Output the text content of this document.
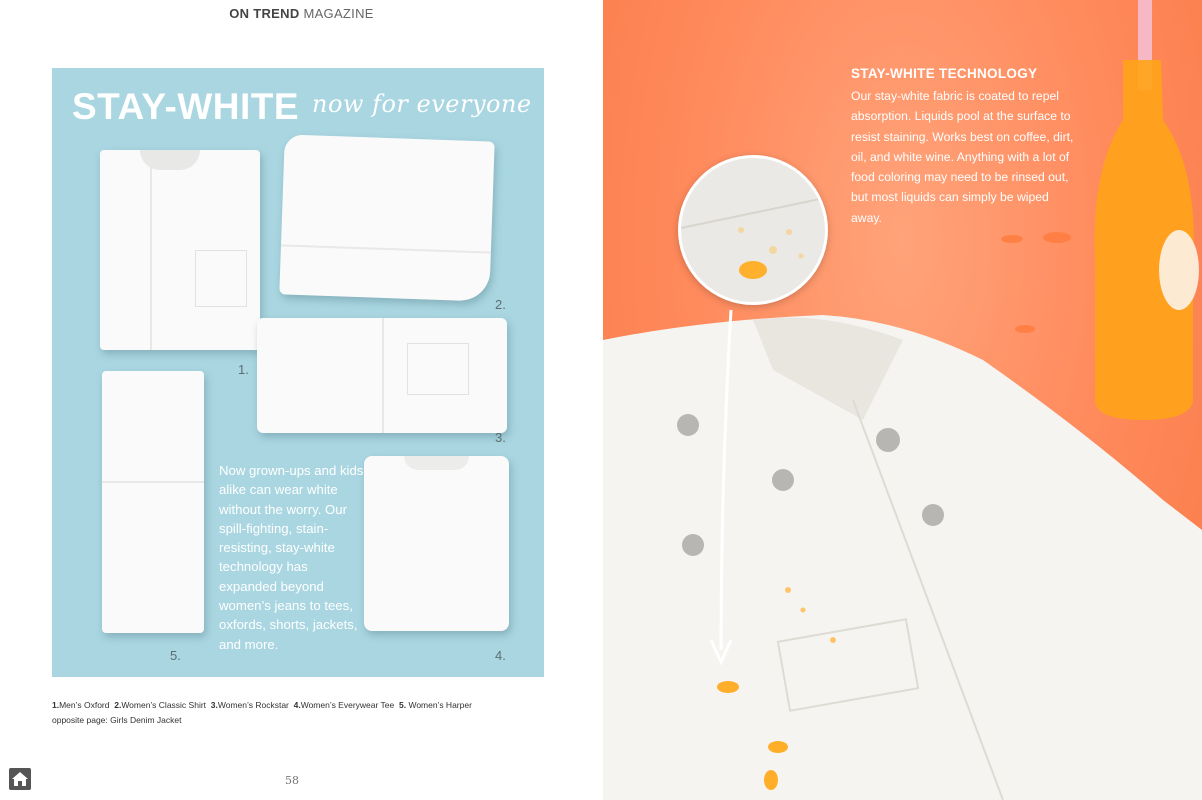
ON TREND MAGAZINE
STAY-WHITE now for everyone
1.
2.
3.
4.
5.
Now grown-ups and kids alike can wear white without the worry. Our spill-fighting, stain-resisting, stay-white technology has expanded beyond women’s jeans to tees, oxfords, shorts, jackets, and more.
1.Men’s Oxford 2.Women’s Classic Shirt 3.Women’s Rockstar 4.Women’s Everywear Tee 5. Women’s Harper
opposite page: Girls Denim Jacket
58
STAY-WHITE TECHNOLOGY
Our stay-white fabric is coated to repel absorption. Liquids pool at the surface to resist staining. Works best on coffee, dirt, oil, and white wine. Anything with a lot of food coloring may need to be rinsed out, but most liquids can simply be wiped away.
